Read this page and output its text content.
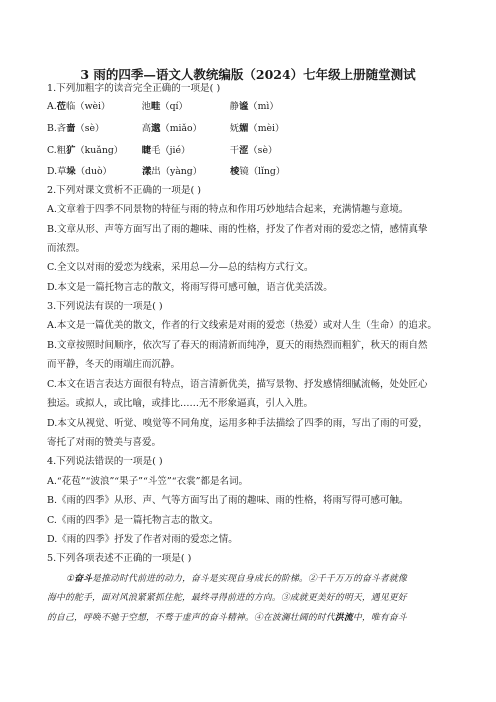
3 雨的四季—语文人教统编版（2024）七年级上册随堂测试
1.下列加粗字的读音完全正确的一项是( )
A.莅临（wèi）	池畦（qí）	静谧（mì）
B.吝啬（sè）	高邈（miǎo）	妩媚（mèi）
C.粗犷（kuǎng） 睫毛（jié）	干涩（sè）
D.草垛（duò）	漾出（yàng）	棱镜（lǐng）
2.下列对课文赏析不正确的一项是( )
A.文章着于四季不同景物的特征与雨的特点和作用巧妙地结合起来，充满情趣与意境。
B.文章从形、声等方面写出了雨的趣味、雨的性格，抒发了作者对雨的爱恋之情，感情真挚
而浓烈。
C.全文以对雨的爱恋为线索，采用总—分—总的结构方式行文。
D.本文是一篇托物言志的散文，将雨写得可感可触，语言优美活泼。
3.下列说法有误的一项是( )
A.本文是一篇优美的散文，作者的行文线索是对雨的爱恋（热爱）或对人生（生命）的追求。
B.文章按照时间顺序，依次写了春天的雨清新而纯净，夏天的雨热烈而粗犷，秋天的雨自然
而平静，冬天的雨端庄而沉静。
C.本文在语言表达方面很有特点，语言清新优美，描写景物、抒发感情细腻流畅，处处匠心
独运。或拟人，或比喻，或排比……无不形象逼真，引人入胜。
D.本文从视觉、听觉、嗅觉等不同角度，运用多种手法描绘了四季的雨，写出了雨的可爱，
寄托了对雨的赞美与喜爱。
4.下列说法错误的一项是( )
A.“花苞”“波浪”“果子”“斗笠”“衣裳”都是名词。
B.《雨的四季》从形、声、气等方面写出了雨的趣味、雨的性格，将雨写得可感可触。
C.《雨的四季》是一篇托物言志的散文。
D.《雨的四季》抒发了作者对雨的爱恋之情。
5.下列各项表述不正确的一项是( )
①奋斗是推动时代前进的动力，奋斗是实现自身成长的阶梯。②千千万万的奋斗者就像
海中的舵手，面对风浪紧紧抓住舵，最终寻得前进的方向。③成就更美好的明天，遇见更好
的自己，呼唤不驰于空想，不骛于虚声的奋斗精神。④在波澜壮阔的时代洪流中，唯有奋斗
